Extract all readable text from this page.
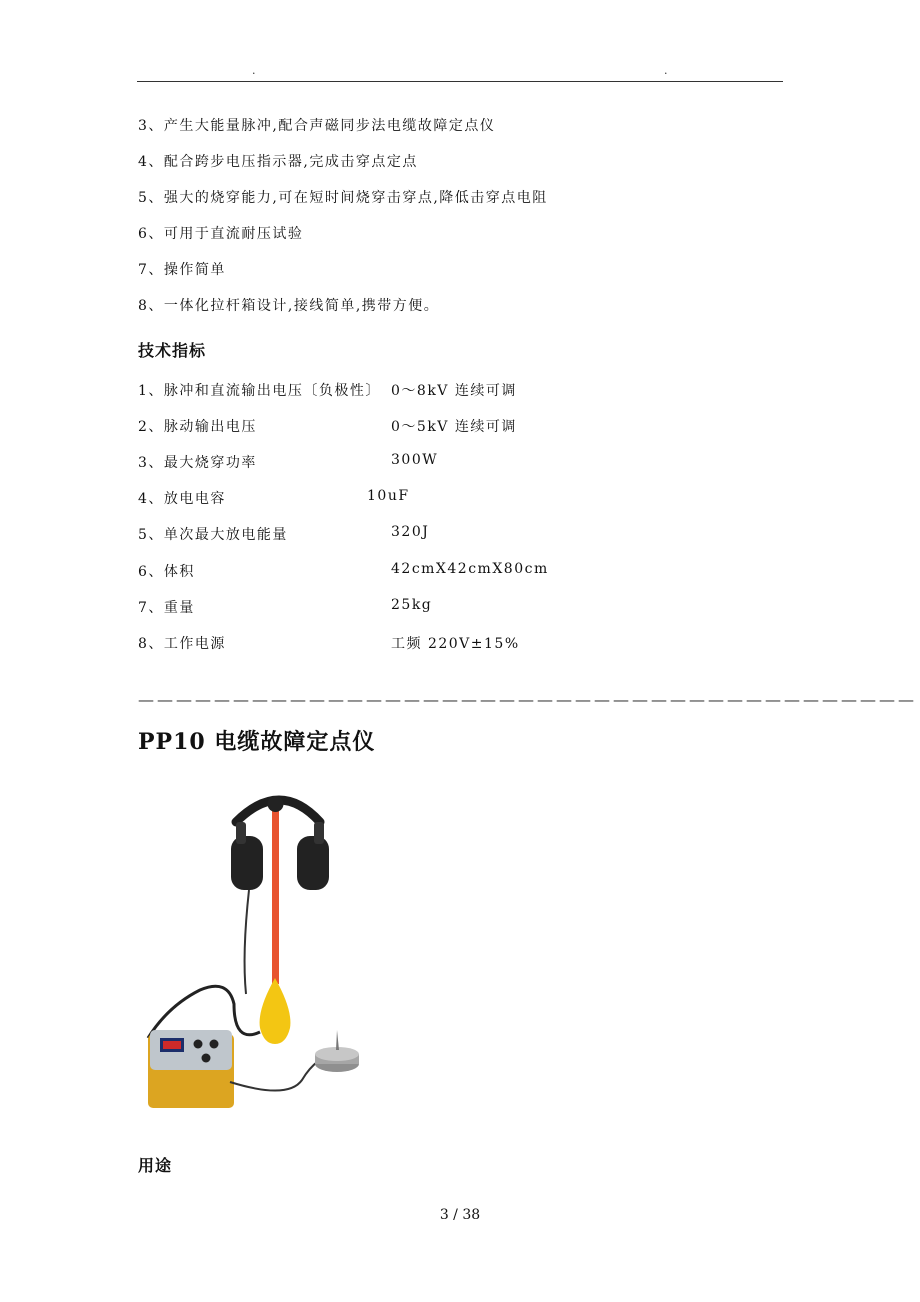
.	.
3、产生大能量脉冲,配合声磁同步法电缆故障定点仪
4、配合跨步电压指示器,完成击穿点定点
5、强大的烧穿能力,可在短时间烧穿击穿点,降低击穿点电阻
6、可用于直流耐压试验
7、操作简单
8、一体化拉杆箱设计,接线简单,携带方便。
技术指标
1、脉冲和直流输出电压〔负极性〕 0～8kV 连续可调
2、脉动输出电压	0～5kV 连续可调
3、最大烧穿功率	300W
4、放电电容	10uF
5、单次最大放电能量	320J
6、体积	42cmX42cmX80cm
7、重量	25kg
8、工作电源	工频 220V±15%
—————————————————————————————————————————
PP10 电缆故障定点仪
用途
3 / 38
